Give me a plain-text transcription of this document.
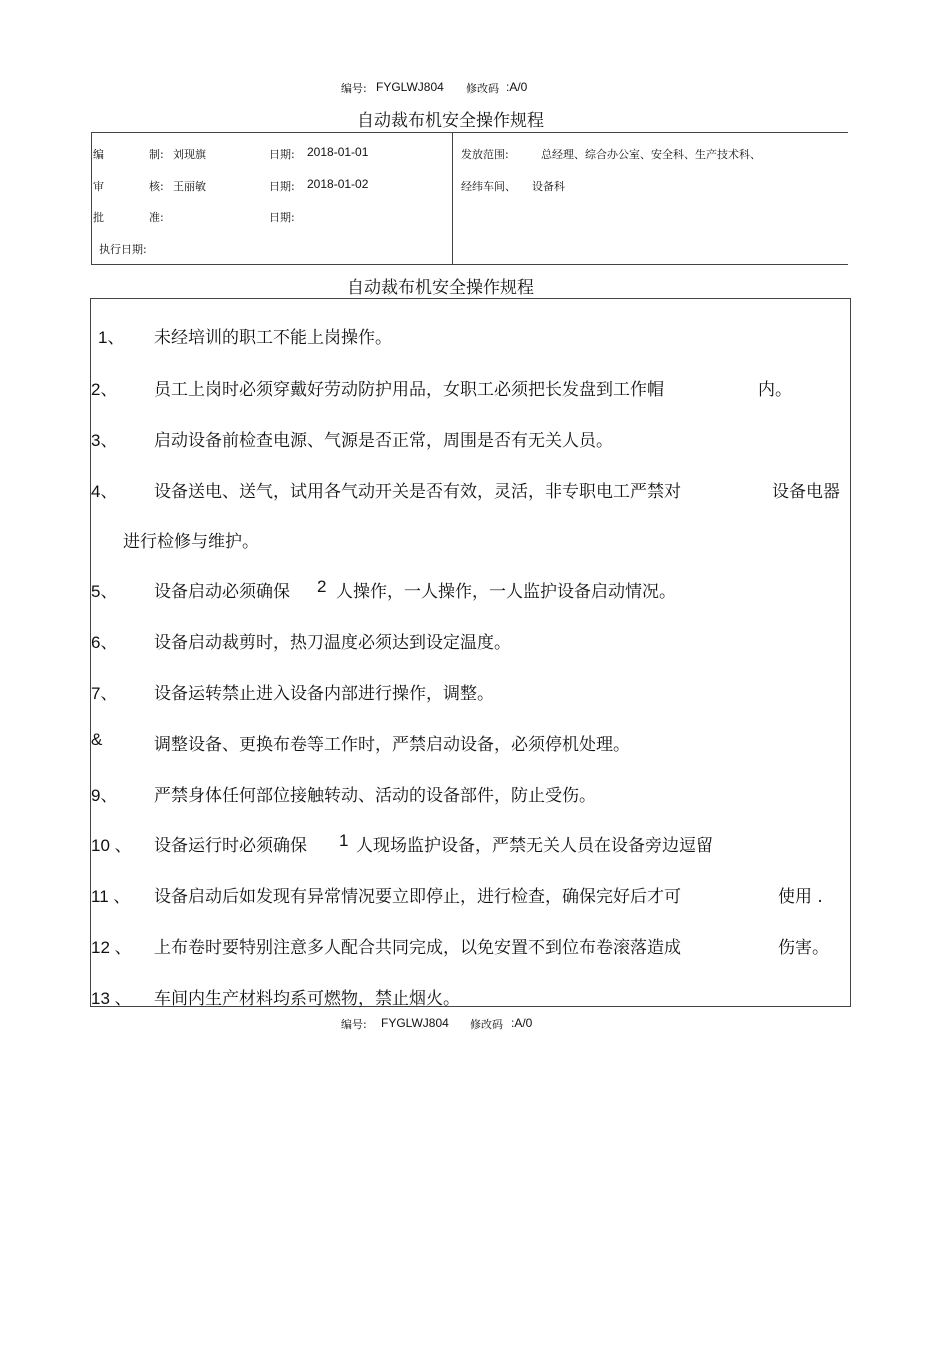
编号: FYGLWJ804 修改码 :A/0
自动裁布机安全操作规程
编	制: 刘现旗	日期: 2018-01-01
审	核: 王丽敏	日期: 2018-01-02
批	准:	日期:
执行日期:
发放范围:	总经理、综合办公室、安全科、生产技术科、
经纬车间、 设备科
自动裁布机安全操作规程
1、 未经培训的职工不能上岗操作。
2、 员工上岗时必须穿戴好劳动防护用品，女职工必须把长发盘到工作帽	内。
3、 启动设备前检查电源、气源是否正常，周围是否有无关人员。
4、 设备送电、送气，试用各气动开关是否有效，灵活，非专职电工严禁对	设备电器
进行检修与维护。
5、 设备启动必须确保 2 人操作，一人操作，一人监护设备启动情况。
6、 设备启动裁剪时，热刀温度必须达到设定温度。
7、 设备运转禁止进入设备内部进行操作，调整。
&	调整设备、更换布卷等工作时，严禁启动设备，必须停机处理。
9、 严禁身体任何部位接触转动、活动的设备部件，防止受伤。
10 、 设备运行时必须确保 1 人现场监护设备，严禁无关人员在设备旁边逗留
11 、 设备启动后如发现有异常情况要立即停止，进行检查，确保完好后才可	使用 .
12 、 上布卷时要特别注意多人配合共同完成，以免安置不到位布卷滚落造成	伤害。
13 、 车间内生产材料均系可燃物，禁止烟火。
编号: FYGLWJ804 修改码 :A/0
